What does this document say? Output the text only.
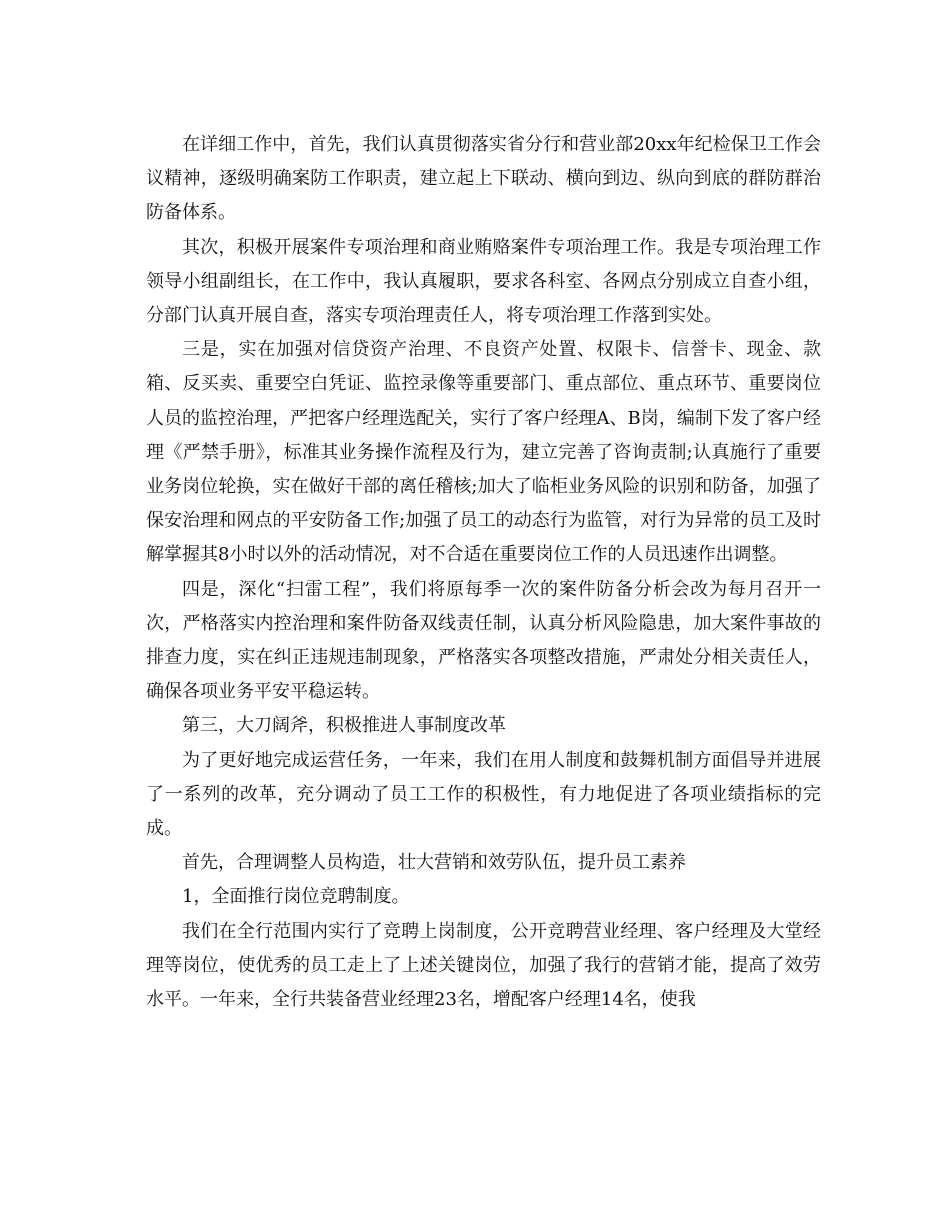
在详细工作中，首先，我们认真贯彻落实省分行和营业部20xx年纪检保卫工作会议精神，逐级明确案防工作职责，建立起上下联动、横向到边、纵向到底的群防群治防备体系。

其次，积极开展案件专项治理和商业贿赂案件专项治理工作。我是专项治理工作领导小组副组长，在工作中，我认真履职，要求各科室、各网点分别成立自查小组，分部门认真开展自查，落实专项治理责任人，将专项治理工作落到实处。

三是，实在加强对信贷资产治理、不良资产处置、权限卡、信誉卡、现金、款箱、反买卖、重要空白凭证、监控录像等重要部门、重点部位、重点环节、重要岗位人员的监控治理，严把客户经理选配关，实行了客户经理A、B岗，编制下发了客户经理《严禁手册》，标准其业务操作流程及行为，建立完善了咨询责制;认真施行了重要业务岗位轮换，实在做好干部的离任稽核;加大了临柜业务风险的识别和防备，加强了保安治理和网点的平安防备工作;加强了员工的动态行为监管，对行为异常的员工及时解掌握其8小时以外的活动情况，对不合适在重要岗位工作的人员迅速作出调整。

四是，深化“扫雷工程”，我们将原每季一次的案件防备分析会改为每月召开一次，严格落实内控治理和案件防备双线责任制，认真分析风险隐患，加大案件事故的排查力度，实在纠正违规违制现象，严格落实各项整改措施，严肃处分相关责任人，确保各项业务平安平稳运转。

第三，大刀阔斧，积极推进人事制度改革

为了更好地完成运营任务，一年来，我们在用人制度和鼓舞机制方面倡导并进展了一系列的改革，充分调动了员工工作的积极性，有力地促进了各项业绩指标的完成。

首先，合理调整人员构造，壮大营销和效劳队伍，提升员工素养

1，全面推行岗位竞聘制度。

我们在全行范围内实行了竞聘上岗制度，公开竞聘营业经理、客户经理及大堂经理等岗位，使优秀的员工走上了上述关键岗位，加强了我行的营销才能，提高了效劳水平。一年来，全行共装备营业经理23名，增配客户经理14名，使我
